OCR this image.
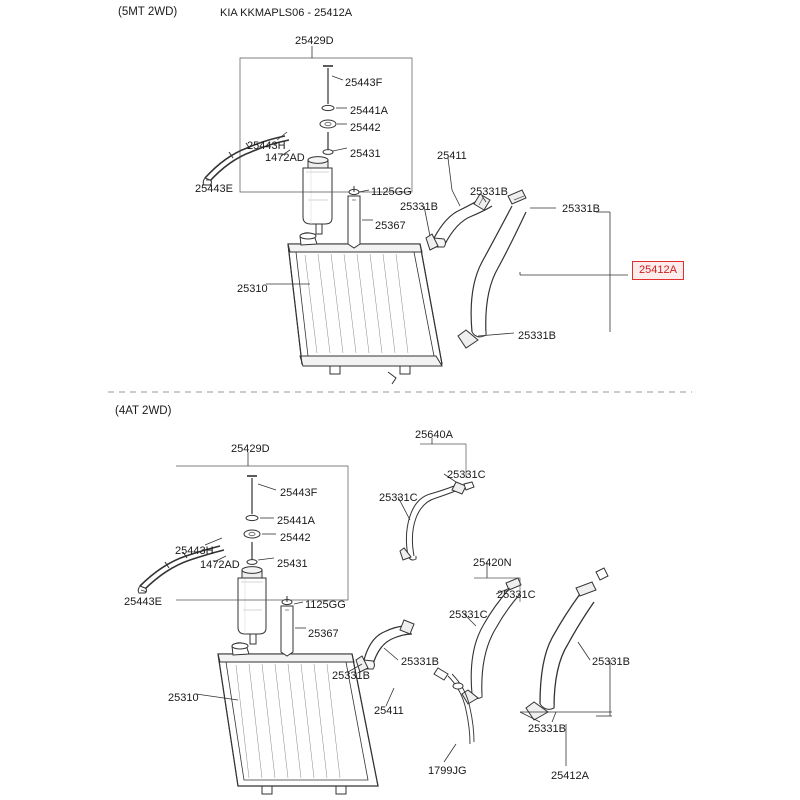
(5MT 2WD)	KIA KKMAPLS06 - 25412A
(4AT 2WD)
25429D
25443F
25441A
25442
25443H
1472AD	25431
25443E	1125GG
25367
25411
25331B
25331B	25331B
25310
25331B
25429D
25640A
25331C
25331C
25443F
25441A
25442
25443H
1472AD	25431
25443E	1125GG
25367
25420N
25331C
25331C
25331B	25331B
25331B
25411
25331B
25310
1799JG	25412A
25412A
